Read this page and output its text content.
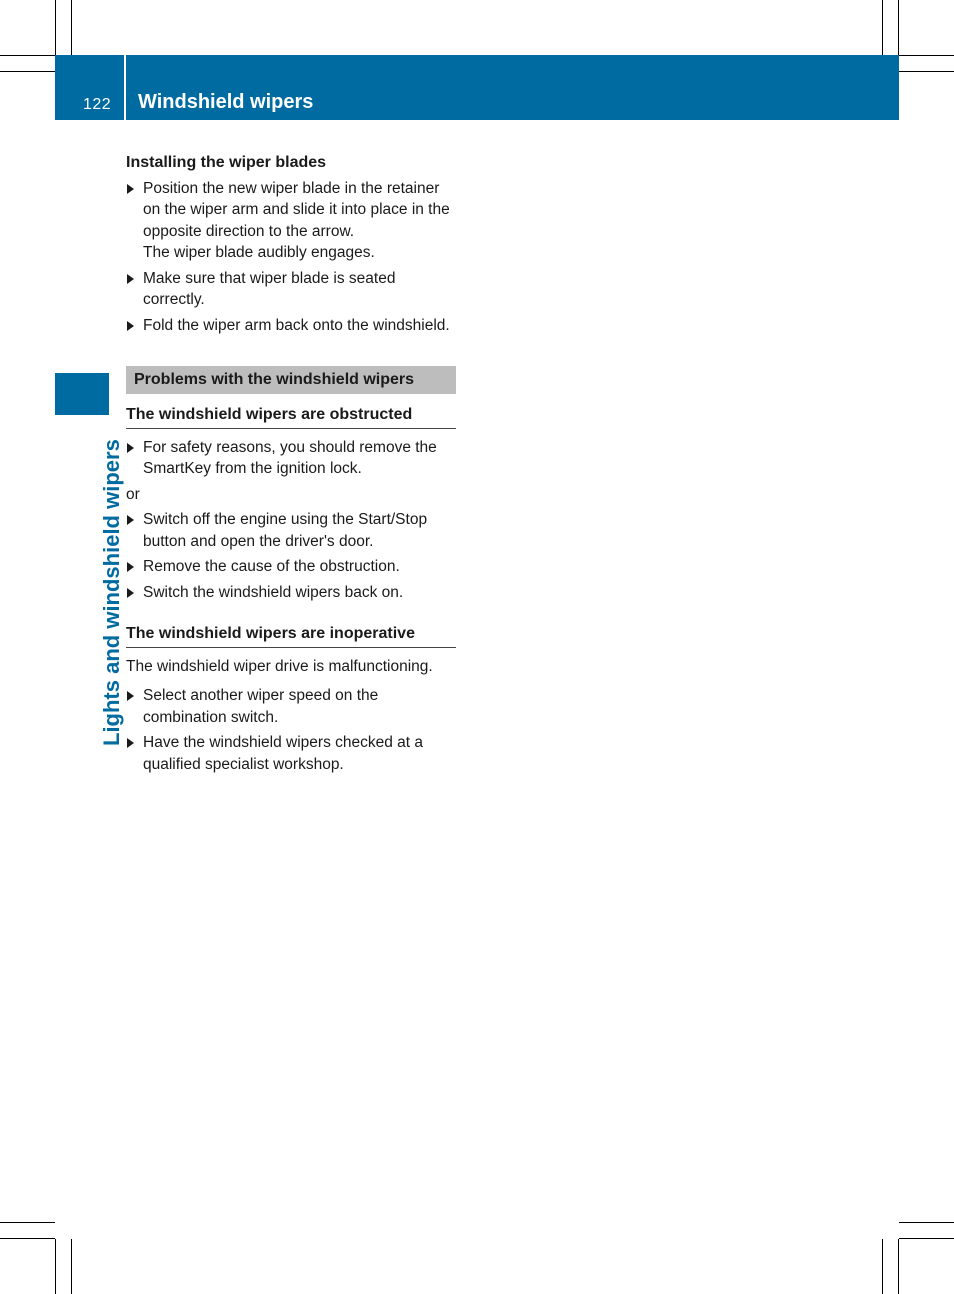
122 Windshield wipers
Lights and windshield wipers
Installing the wiper blades
Position the new wiper blade in the retainer on the wiper arm and slide it into place in the opposite direction to the arrow.
The wiper blade audibly engages.
Make sure that wiper blade is seated correctly.
Fold the wiper arm back onto the windshield.
Problems with the windshield wipers
The windshield wipers are obstructed
For safety reasons, you should remove the SmartKey from the ignition lock.
or
Switch off the engine using the Start/Stop button and open the driver's door.
Remove the cause of the obstruction.
Switch the windshield wipers back on.
The windshield wipers are inoperative
The windshield wiper drive is malfunctioning.
Select another wiper speed on the combination switch.
Have the windshield wipers checked at a qualified specialist workshop.
